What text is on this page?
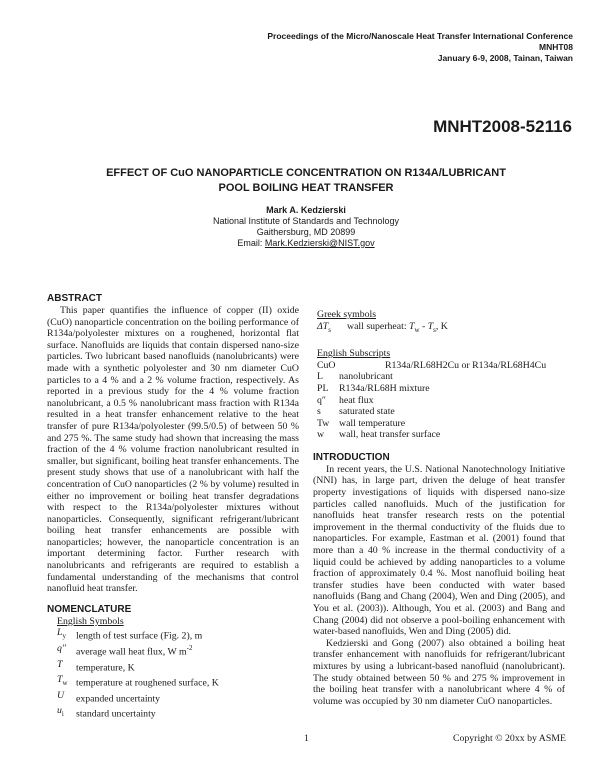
Proceedings of the Micro/Nanoscale Heat Transfer International Conference
MNHT08
January 6-9, 2008, Tainan, Taiwan
MNHT2008-52116
EFFECT OF CuO NANOPARTICLE CONCENTRATION ON R134A/LUBRICANT
POOL BOILING HEAT TRANSFER
Mark A. Kedzierski
National Institute of Standards and Technology
Gaithersburg, MD 20899
Email: Mark.Kedzierski@NIST.gov
ABSTRACT

This paper quantifies the influence of copper (II) oxide (CuO) nanoparticle concentration on the boiling performance of R134a/polyolester mixtures on a roughened, horizontal flat surface. Nanofluids are liquids that contain dispersed nano-size particles. Two lubricant based nanofluids (nanolubricants) were made with a synthetic polyolester and 30 nm diameter CuO particles to a 4 % and a 2 % volume fraction, respectively. As reported in a previous study for the 4 % volume fraction nanolubricant, a 0.5 % nanolubricant mass fraction with R134a resulted in a heat transfer enhancement relative to the heat transfer of pure R134a/polyolester (99.5/0.5) of between 50 % and 275 %. The same study had shown that increasing the mass fraction of the 4 % volume fraction nanolubricant resulted in smaller, but significant, boiling heat transfer enhancements. The present study shows that use of a nanolubricant with half the concentration of CuO nanoparticles (2 % by volume) resulted in either no improvement or boiling heat transfer degradations with respect to the R134a/polyolester mixtures without nanoparticles. Consequently, significant refrigerant/lubricant boiling heat transfer enhancements are possible with nanoparticles; however, the nanoparticle concentration is an important determining factor. Further research with nanolubricants and refrigerants are required to establish a fundamental understanding of the mechanisms that control nanofluid heat transfer.

NOMENCLATURE
English Symbols
$L_y$	length of test surface (Fig. 2), m
q″	average wall heat flux, W $m^{-2}$
T	temperature, K
$T_w$ temperature at roughened surface, K
U	expanded uncertainty
$u_i$	standard uncertainty
Greek symbols
$\Delta T_s$	wall superheat: $T_w - T_s$, K
English Subscripts
CuO	R134a/RL68H2Cu or R134a/RL68H4Cu
L	nanolubricant
PL	R134a/RL68H mixture
q″	heat flux
s	saturated state
Tw wall temperature
w	wall, heat transfer surface
INTRODUCTION

In recent years, the U.S. National Nanotechnology Initiative (NNI) has, in large part, driven the deluge of heat transfer property investigations of liquids with dispersed nano-size particles called nanofluids. Much of the justification for nanofluids heat transfer research rests on the potential improvement in the thermal conductivity of the fluids due to nanoparticles. For example, Eastman et al. (2001) found that more than a 40 % increase in the thermal conductivity of a liquid could be achieved by adding nanoparticles to a volume fraction of approximately 0.4 %. Most nanofluid boiling heat transfer studies have been conducted with water based nanofluids (Bang and Chang (2004), Wen and Ding (2005), and You et al. (2003)). Although, You et al. (2003) and Bang and Chang (2004) did not observe a pool-boiling enhancement with water-based nanofluids, Wen and Ding (2005) did.

Kedzierski and Gong (2007) also obtained a boiling heat transfer enhancement with nanofluids for refrigerant/lubricant mixtures by using a lubricant-based nanofluid (nanolubricant). The study obtained between 50 % and 275 % improvement in the boiling heat transfer with a nanolubricant where 4 % of volume was occupied by 30 nm diameter CuO nanoparticles.

1	Copyright © 20xx by ASME
